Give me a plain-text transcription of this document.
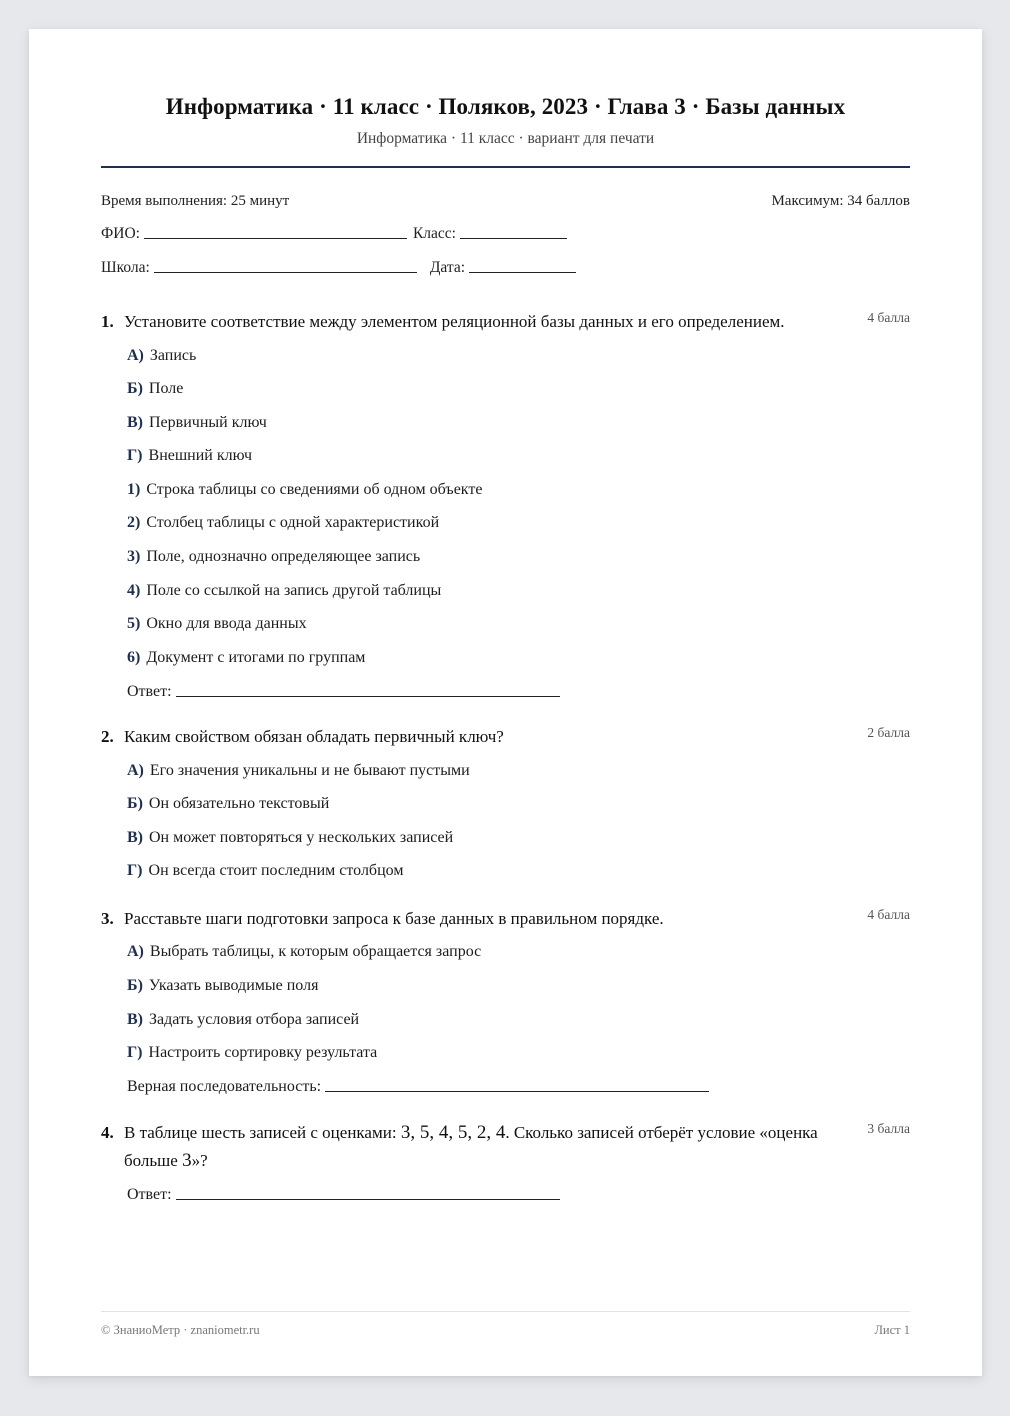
Информатика · 11 класс · Поляков, 2023 · Глава 3 · Базы данных
Информатика · 11 класс · вариант для печати
Время выполнения: 25 минут	Максимум: 34 баллов
ФИО:	Класс:
Школа:	Дата:
1. Установите соответствие между элементом реляционной базы данных и его определением.	4 балла
А) Запись
Б) Поле
В) Первичный ключ
Г) Внешний ключ
1) Строка таблицы со сведениями об одном объекте
2) Столбец таблицы с одной характеристикой
3) Поле, однозначно определяющее запись
4) Поле со ссылкой на запись другой таблицы
5) Окно для ввода данных
6) Документ с итогами по группам
Ответ:
2. Каким свойством обязан обладать первичный ключ?	2 балла
А) Его значения уникальны и не бывают пустыми
Б) Он обязательно текстовый
В) Он может повторяться у нескольких записей
Г) Он всегда стоит последним столбцом
3. Расставьте шаги подготовки запроса к базе данных в правильном порядке.	4 балла
А) Выбрать таблицы, к которым обращается запрос
Б) Указать выводимые поля
В) Задать условия отбора записей
Г) Настроить сортировку результата
Верная последовательность:
4. В таблице шесть записей с оценками: 3, 5, 4, 5, 2, 4. Сколько записей отберёт условие «оценка больше 3»?
3 балла
Ответ:
© ЗнаниоМетр · znaniometr.ru	Лист 1
